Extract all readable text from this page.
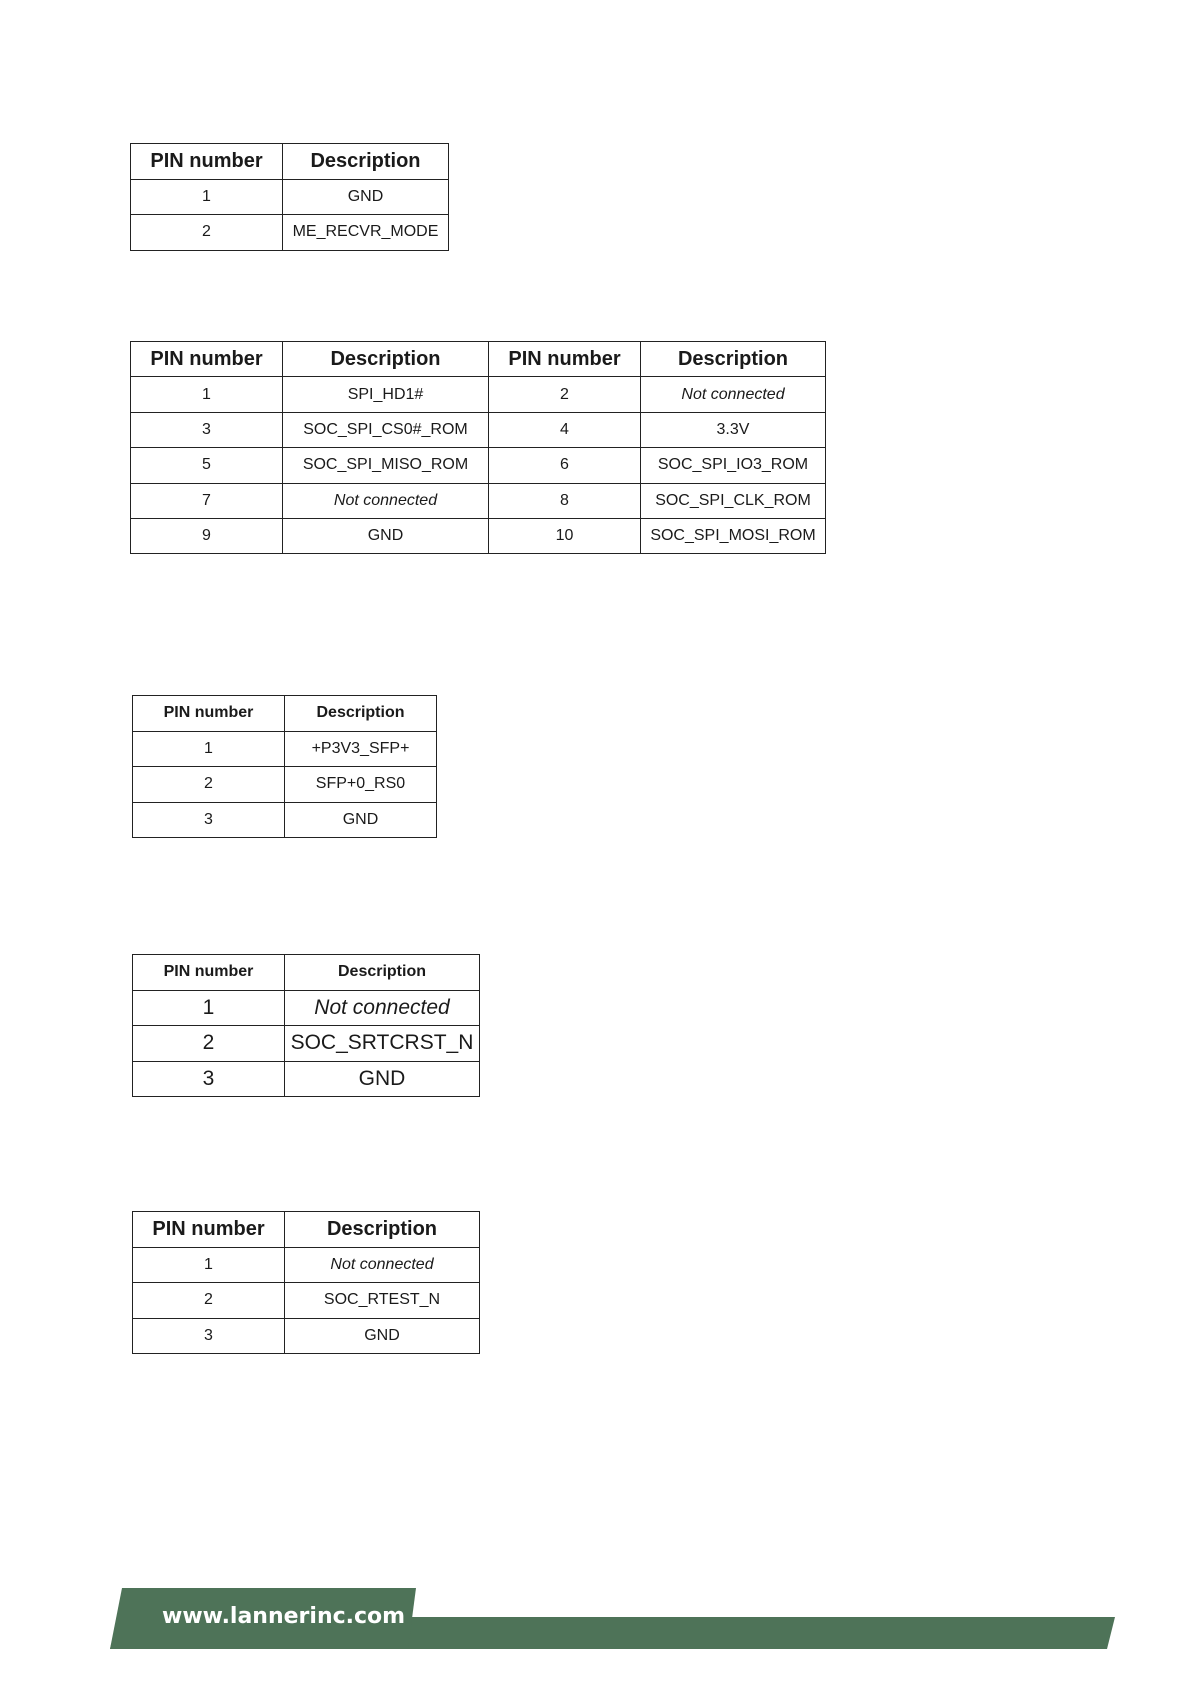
PIN number	Description
1	GND
2	ME_RECVR_MODE
PIN number	Description	PIN number	Description
1	SPI_HD1#	2	Not connected
3	SOC_SPI_CS0#_ROM	4	3.3V
5	SOC_SPI_MISO_ROM	6	SOC_SPI_IO3_ROM
7	Not connected	8	SOC_SPI_CLK_ROM
9	GND	10	SOC_SPI_MOSI_ROM
PIN number	Description
1	+P3V3_SFP+
2	SFP+0_RS0
3	GND
PIN number	Description
1	Not connected
2	SOC_SRTCRST_N
3	GND
PIN number	Description
1	Not connected
2	SOC_RTEST_N
3	GND
www.lannerinc.com
